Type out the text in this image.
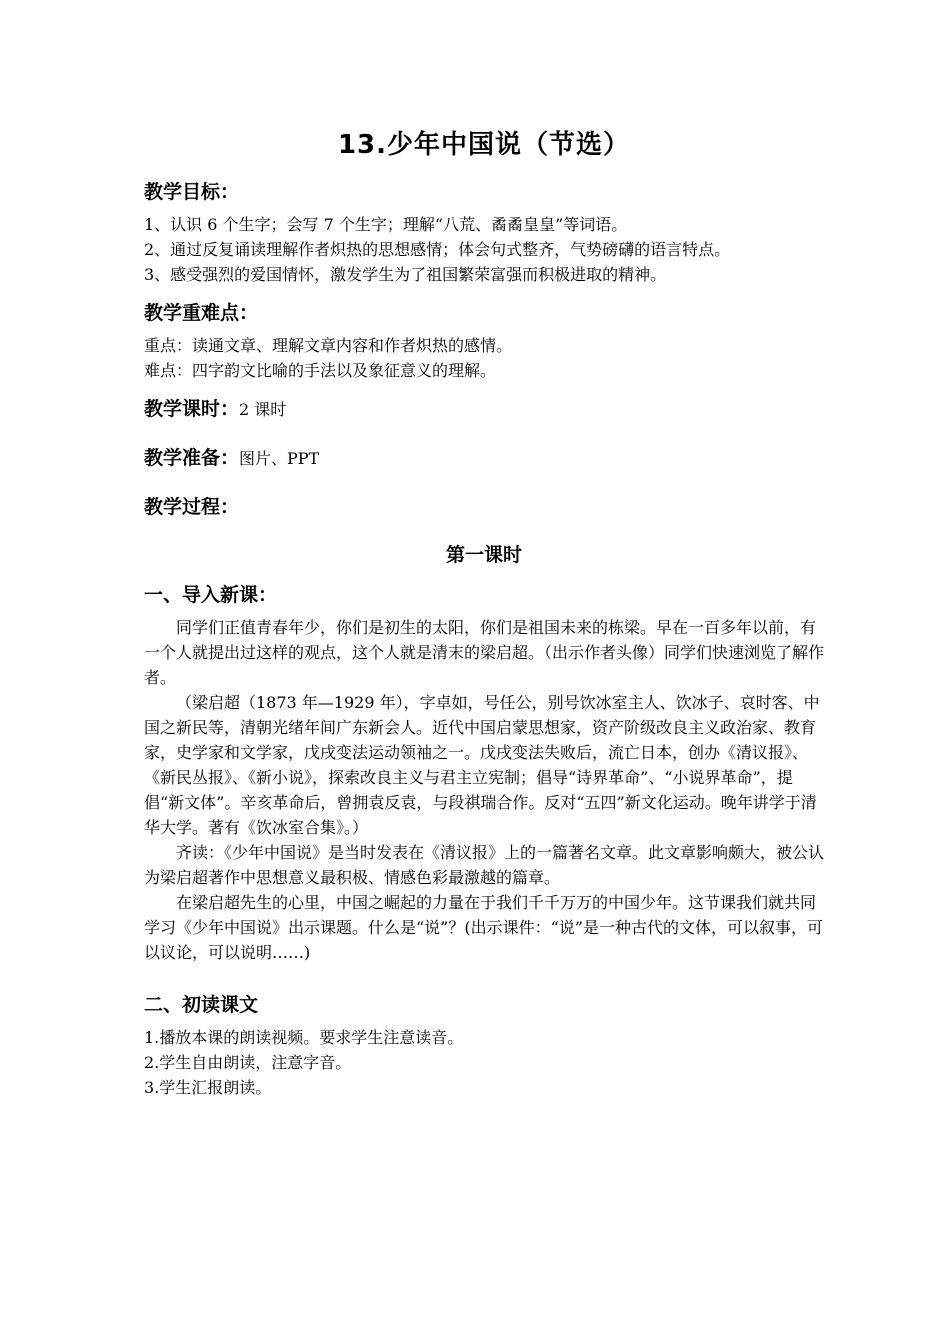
13.少年中国说（节选）
教学目标：

1、认识 6 个生字；会写 7 个生字；理解“八荒、矞矞皇皇”等词语。

2、通过反复诵读理解作者炽热的思想感情；体会句式整齐，气势磅礴的语言特点。

3、感受强烈的爱国情怀，激发学生为了祖国繁荣富强而积极进取的精神。

教学重难点：

重点：读通文章、理解文章内容和作者炽热的感情。

难点：四字韵文比喻的手法以及象征意义的理解。

教学课时：2 课时
教学准备：图片、PPT
教学过程：
第一课时
一、导入新课：

同学们正值青春年少，你们是初生的太阳，你们是祖国未来的栋梁。早在一百多年以前，有一个人就提出过这样的观点，这个人就是清末的梁启超。（出示作者头像）同学们快速浏览了解作者。

（梁启超（1873 年—1929 年），字卓如，号任公，别号饮冰室主人、饮冰子、哀时客、中国之新民等，清朝光绪年间广东新会人。近代中国启蒙思想家，资产阶级改良主义政治家、教育家，史学家和文学家，戊戌变法运动领袖之一。戊戌变法失败后，流亡日本，创办《清议报》、《新民丛报》、《新小说》，探索改良主义与君主立宪制；倡导“诗界革命”、“小说界革命”，提倡“新文体”。辛亥革命后，曾拥袁反袁，与段祺瑞合作。反对“五四”新文化运动。晚年讲学于清华大学。著有《饮冰室合集》。）

齐读：《少年中国说》是当时发表在《清议报》上的一篇著名文章。此文章影响颇大，被公认为梁启超著作中思想意义最积极、情感色彩最激越的篇章。

在梁启超先生的心里，中国之崛起的力量在于我们千千万万的中国少年。这节课我们就共同学习《少年中国说》出示课题。什么是“说”？(出示课件：“说”是一种古代的文体，可以叙事，可以议论，可以说明……)

二、初读课文

1.播放本课的朗读视频。要求学生注意读音。

2.学生自由朗读，注意字音。

3.学生汇报朗读。
